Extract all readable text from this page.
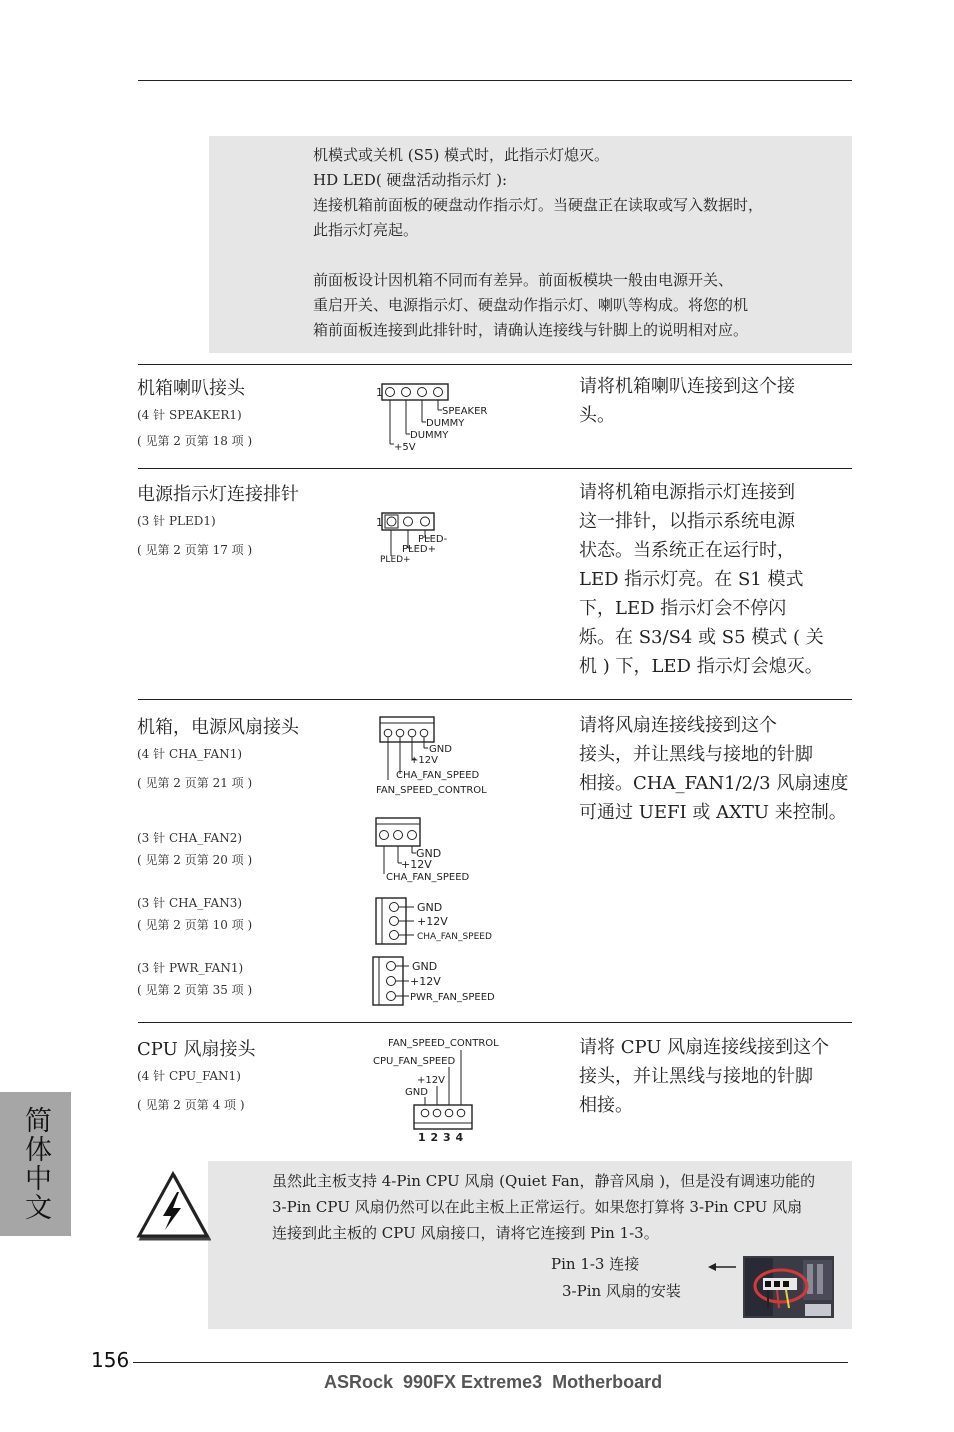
机模式或关机 (S5) 模式时，此指示灯熄灭。
HD LED( 硬盘活动指示灯 ):
连接机箱前面板的硬盘动作指示灯。当硬盘正在读取或写入数据时，
此指示灯亮起。
前面板设计因机箱不同而有差异。前面板模块一般由电源开关、
重启开关、电源指示灯、硬盘动作指示灯、喇叭等构成。将您的机
箱前面板连接到此排针时，请确认连接线与针脚上的说明相对应。
机箱喇叭接头
(4 针 SPEAKER1)
( 见第 2 页第 18 项 )
1
SPEAKER
DUMMY
DUMMY
+5V
请将机箱喇叭连接到这个接
头。
电源指示灯连接排针
(3 针 PLED1)
( 见第 2 页第 17 项 )
1
PLED-
PLED+
PLED+
请将机箱电源指示灯连接到
这一排针，以指示系统电源
状态。当系统正在运行时，
LED 指示灯亮。在 S1 模式
下，LED 指示灯会不停闪
烁。在 S3/S4 或 S5 模式 ( 关
机 ) 下，LED 指示灯会熄灭。
机箱，电源风扇接头
(4 针 CHA_FAN1)
( 见第 2 页第 21 项 )
GND
+12V
CHA_FAN_SPEED
FAN_SPEED_CONTROL
请将风扇连接线接到这个
接头，并让黑线与接地的针脚
相接。CHA_FAN1/2/3 风扇速度
可通过 UEFI 或 AXTU 来控制。
(3 针 CHA_FAN2)
( 见第 2 页第 20 项 )	GND
+12V
CHA_FAN_SPEED
(3 针 CHA_FAN3)
( 见第 2 页第 10 项 )
GND
+12V
CHA_FAN_SPEED
(3 针 PWR_FAN1)
( 见第 2 页第 35 项 )
GND
+12V
PWR_FAN_SPEED
CPU 风扇接头
(4 针 CPU_FAN1)
( 见第 2 页第 4 项 )
FAN_SPEED_CONTROL
CPU_FAN_SPEED
+12V
GND
1 2 3 4
请将 CPU 风扇连接线接到这个
接头，并让黑线与接地的针脚
相接。
虽然此主板支持 4-Pin CPU 风扇 (Quiet Fan，静音风扇 )，但是没有调速功能的
3-Pin CPU 风扇仍然可以在此主板上正常运行。如果您打算将 3-Pin CPU 风扇
连接到此主板的 CPU 风扇接口，请将它连接到 Pin 1-3。
Pin 1-3 连接
3-Pin 风扇的安装
简体中文
156
ASRock  990FX Extreme3  Motherboard
